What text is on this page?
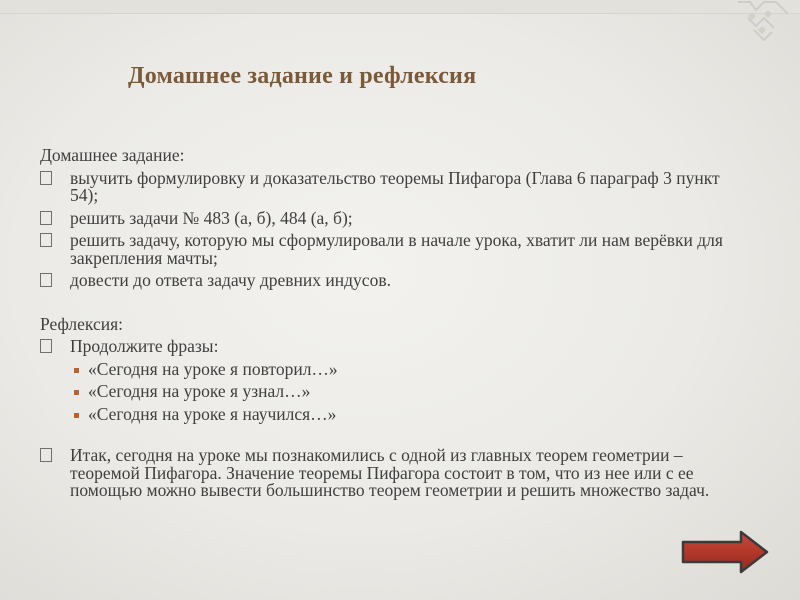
Домашнее задание и рефлексия
Домашнее задание:
выучить формулировку и доказательство теоремы Пифагора (Глава 6 параграф 3 пункт 54);
решить задачи № 483 (а, б), 484 (а, б);
решить задачу, которую мы сформулировали в начале урока, хватит ли нам верёвки для закрепления мачты;
довести до ответа задачу древних индусов.
Рефлексия:
Продолжите фразы:
«Сегодня на уроке я повторил…»
«Сегодня на уроке я узнал…»
«Сегодня на уроке я научился…»
Итак, сегодня на уроке мы познакомились с одной из главных теорем геометрии – теоремой Пифагора. Значение теоремы Пифагора состоит в том, что из нее или с ее помощью можно вывести большинство теорем геометрии и решить множество задач.
